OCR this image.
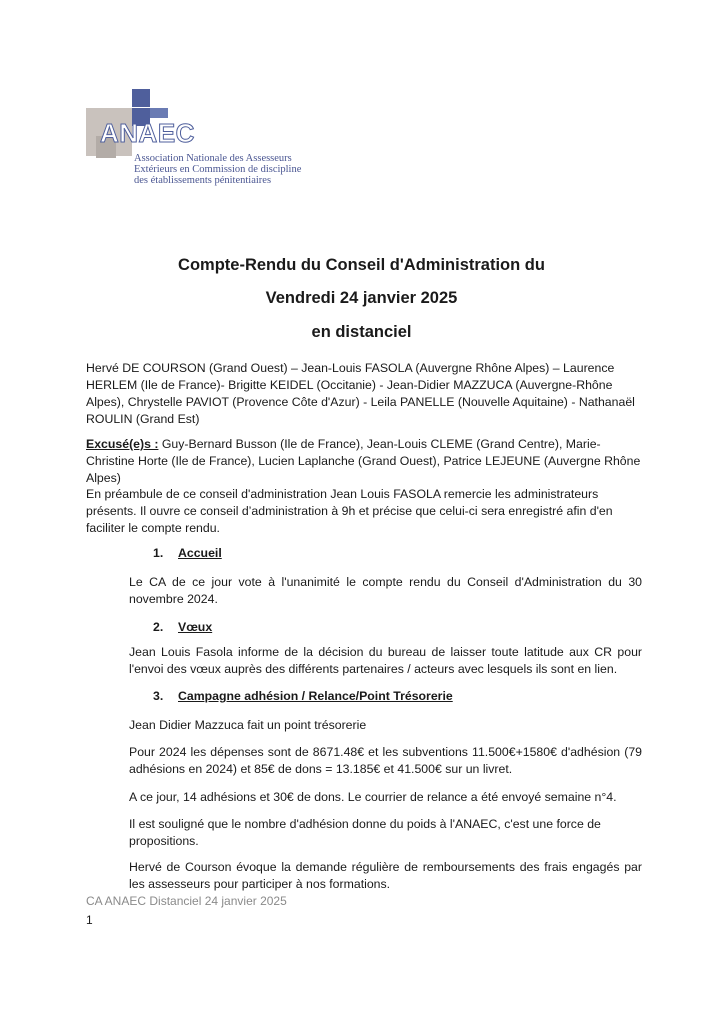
ANAEC
Association Nationale des Assesseurs
Extérieurs en Commission de discipline
des établissements pénitentiaires
Compte-Rendu du Conseil d'Administration du
Vendredi 24 janvier 2025
en distanciel
Hervé DE COURSON (Grand Ouest) – Jean-Louis FASOLA (Auvergne Rhône Alpes) – Laurence HERLEM (Ile de France)- Brigitte KEIDEL (Occitanie) - Jean-Didier MAZZUCA (Auvergne-Rhône Alpes), Chrystelle PAVIOT (Provence Côte d'Azur) - Leila PANELLE (Nouvelle Aquitaine) - Nathanaël ROULIN (Grand Est)
Excusé(e)s : Guy-Bernard Busson (Ile de France), Jean-Louis CLEME (Grand Centre), Marie-Christine Horte (Ile de France), Lucien Laplanche (Grand Ouest), Patrice LEJEUNE (Auvergne Rhône Alpes)
En préambule de ce conseil d'administration Jean Louis FASOLA remercie les administrateurs présents. Il ouvre ce conseil d’administration à 9h et précise que celui-ci sera enregistré afin d'en faciliter le compte rendu.
1. Accueil
Le CA de ce jour vote à l'unanimité le compte rendu du Conseil d'Administration du 30 novembre 2024.
2. Vœux
Jean Louis Fasola informe de la décision du bureau de laisser toute latitude aux CR pour l'envoi des vœux auprès des différents partenaires / acteurs avec lesquels ils sont en lien.
3. Campagne adhésion / Relance/Point Trésorerie
Jean Didier Mazzuca fait un point trésorerie
Pour 2024 les dépenses sont de 8671.48€ et les subventions 11.500€+1580€ d'adhésion (79 adhésions en 2024) et 85€ de dons = 13.185€ et 41.500€ sur un livret.
A ce jour, 14 adhésions et 30€ de dons. Le courrier de relance a été envoyé semaine n°4.
Il est souligné que le nombre d'adhésion donne du poids à l'ANAEC, c'est une force de propositions.
Hervé de Courson évoque la demande régulière de remboursements des frais engagés par les assesseurs pour participer à nos formations.
CA ANAEC Distanciel 24 janvier 2025
1
